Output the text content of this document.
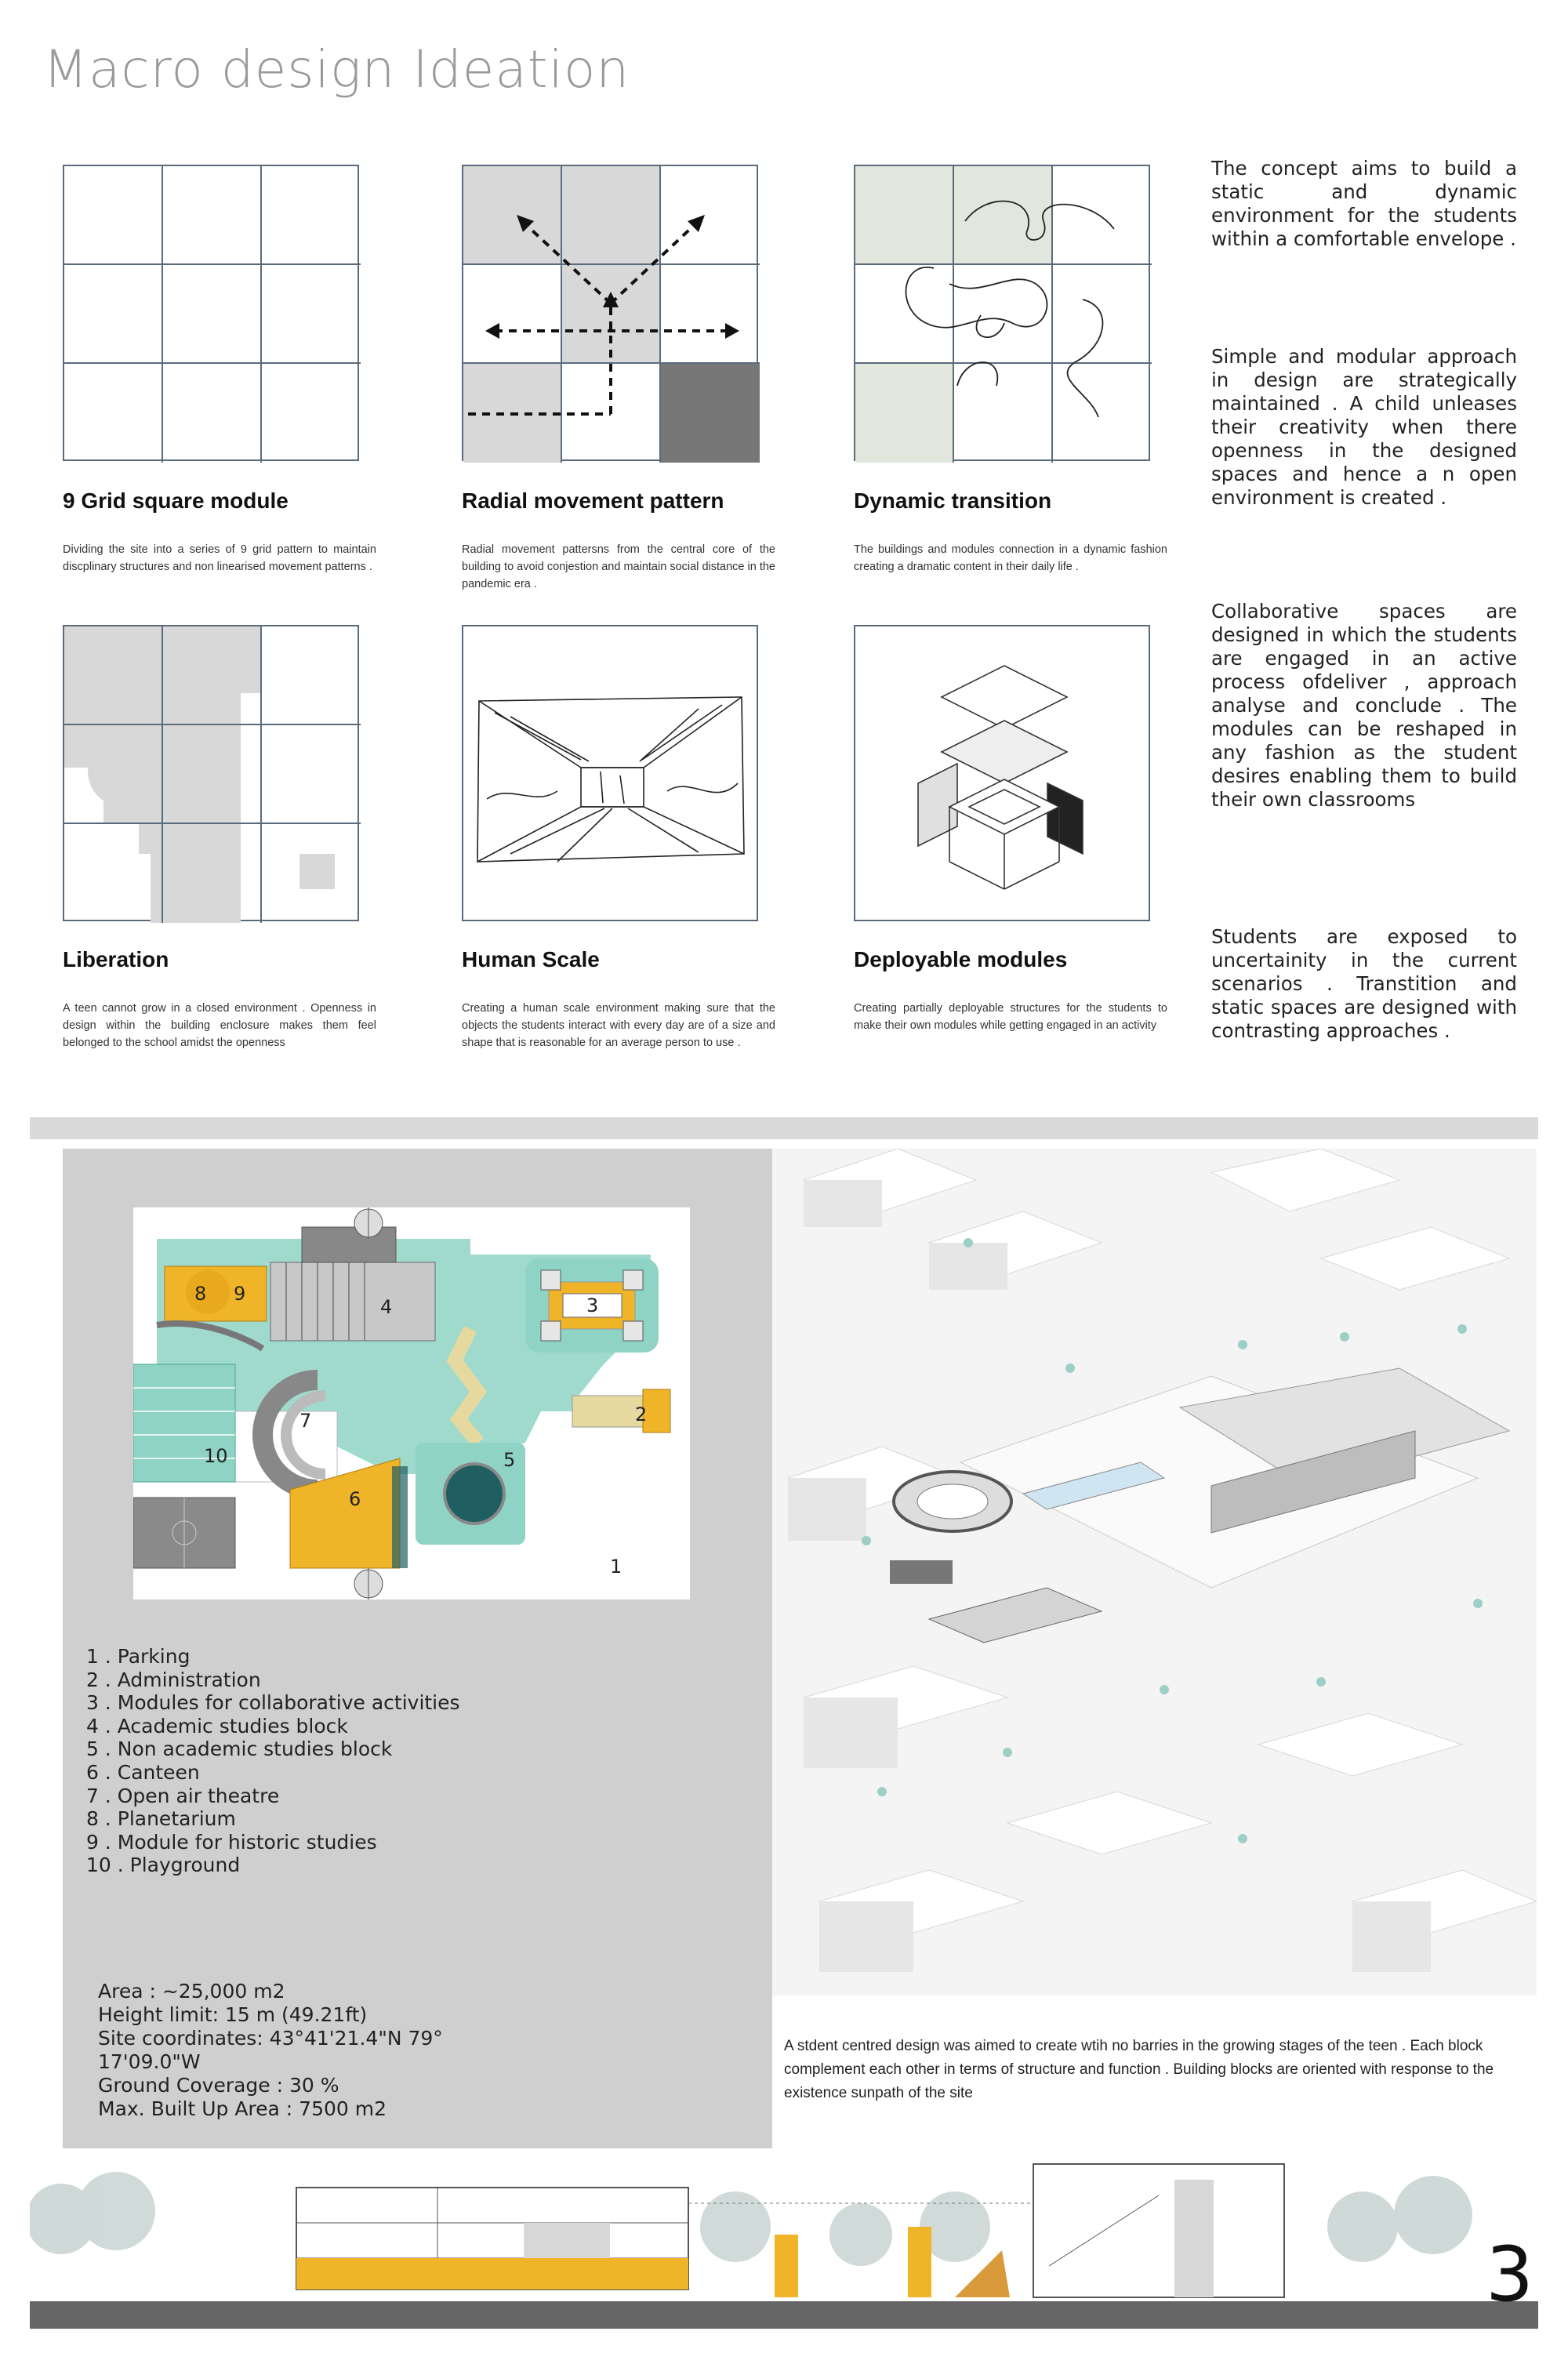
Macro design Ideation
9 Grid square module
Dividing the site into a series of 9 grid pattern to maintain discplinary structures and non linearised movement patterns .
Radial movement pattern
Radial movement pattersns from the central core of the building to avoid conjestion and maintain social distance in the pandemic era .
Dynamic transition
The buildings and modules connection in a dynamic fashion creating a dramatic content in their daily life .
Liberation
A teen cannot grow in a closed environment . Openness in design within the building enclosure makes them feel belonged to the school amidst the openness
Human Scale
Creating a human scale environment making sure that the objects the students interact with every day are of a size and shape that is reasonable for an average person to use .
Deployable modules
Creating partially deployable structures for the students to make their own modules while getting engaged in an activity
The concept aims to build a static and dynamic environment for the students within a comfortable envelope .
Simple and modular approach in design are strategically maintained . A child unleases their creativity when there openness in the designed spaces and hence a n open environment is created .
Collaborative spaces are designed in which the students are engaged in an active process ofdeliver , approach analyse and conclude . The modules can be reshaped in any fashion as the student desires enabling them to build their own classrooms
Students are exposed to uncertainity in the current scenarios . Transtition and static spaces are designed with contrasting approaches .
1
2
3
4
5
6
7
8 9
10
1 . Parking
2 . Administration
3 . Modules for collaborative activities
4 . Academic studies block
5 . Non academic studies block
6 . Canteen
7 . Open air theatre
8 . Planetarium
9 . Module for historic studies
10 . Playground
Area : ~25,000 m2
Height limit: 15 m (49.21ft)
Site coordinates: 43°41'21.4"N 79° 17'09.0"W
Ground Coverage : 30 %
Max. Built Up Area : 7500 m2
A stdent centred design was aimed to create wtih no barries in the growing stages of the teen . Each block complement each other in terms of structure and function . Building blocks are oriented with response to the existence sunpath of the site
3
